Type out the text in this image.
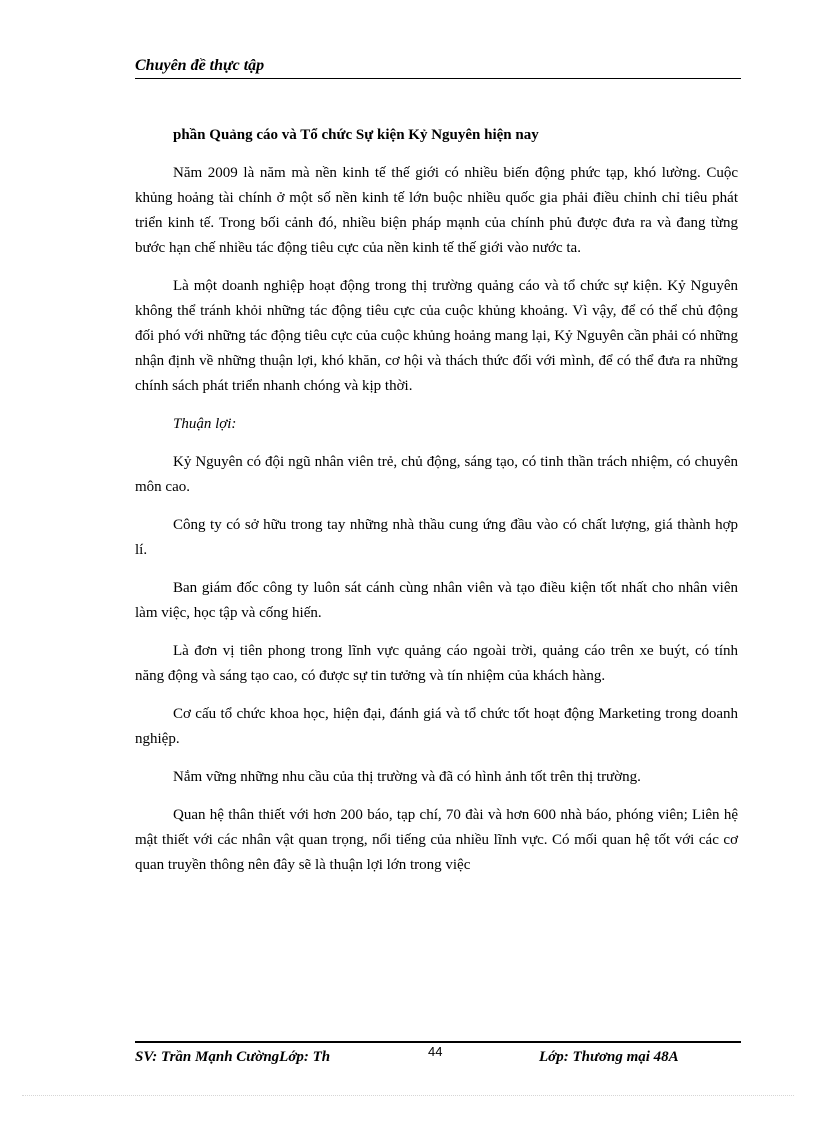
Chuyên đề thực tập

phần Quảng cáo và Tổ chức Sự kiện Kỷ Nguyên hiện nay

Năm 2009 là năm mà nền kinh tế thế giới có nhiều biến động phức tạp, khó lường. Cuộc khủng hoảng tài chính ở một số nền kinh tế lớn buộc nhiều quốc gia phải điều chỉnh chỉ tiêu phát triển kinh tế. Trong bối cảnh đó, nhiều biện pháp mạnh của chính phủ được đưa ra và đang từng bước hạn chế nhiều tác động tiêu cực của nền kinh tế thế giới vào nước ta.

Là một doanh nghiệp hoạt động trong thị trường quảng cáo và tổ chức sự kiện. Kỷ Nguyên không thể tránh khỏi những tác động tiêu cực của cuộc khủng khoảng. Vì vậy, để có thể chủ động đối phó với những tác động tiêu cực của cuộc khủng hoảng mang lại, Kỷ Nguyên cần phải có những nhận định về những thuận lợi, khó khăn, cơ hội và thách thức đối với mình, để có thể đưa ra những chính sách phát triển nhanh chóng và kịp thời.

Thuận lợi:

Kỷ Nguyên có đội ngũ nhân viên trẻ, chủ động, sáng tạo, có tinh thần trách nhiệm, có chuyên môn cao.

Công ty có sở hữu trong tay những nhà thầu cung ứng đầu vào có chất lượng, giá thành hợp lí.

Ban giám đốc công ty luôn sát cánh cùng nhân viên và tạo điều kiện tốt nhất cho nhân viên làm việc, học tập và cống hiến.

Là đơn vị tiên phong trong lĩnh vực quảng cáo ngoài trời, quảng cáo trên xe buýt, có tính năng động và sáng tạo cao, có được sự tin tưởng và tín nhiệm của khách hàng.

Cơ cấu tổ chức khoa học, hiện đại, đánh giá và tổ chức tốt hoạt động Marketing trong doanh nghiệp.

Nắm vững những nhu cầu của thị trường và đã có hình ảnh tốt trên thị trường.

Quan hệ thân thiết với hơn 200 báo, tạp chí, 70 đài và hơn 600 nhà báo, phóng viên; Liên hệ mật thiết với các nhân vật quan trọng, nổi tiếng của nhiều lĩnh vực. Có mối quan hệ tốt với các cơ quan truyền thông nên đây sẽ là thuận lợi lớn trong việc

SV: Trần Mạnh CườngLớp: Th	44	Lớp: Thương mại 48A
